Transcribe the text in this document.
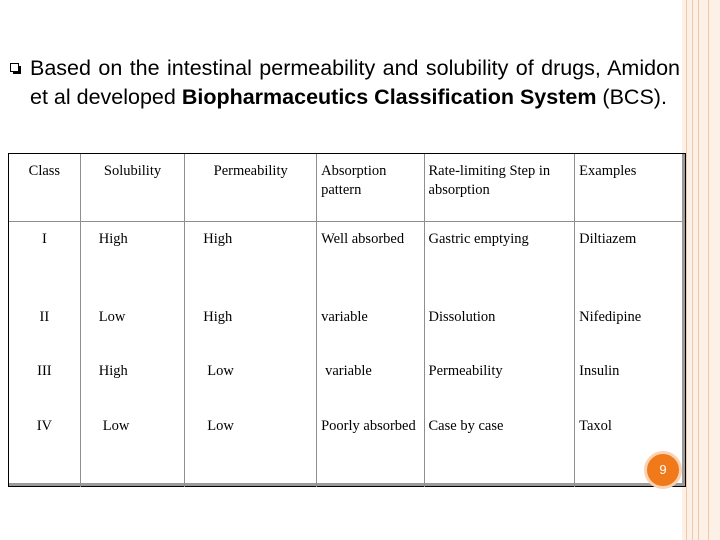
Based on the intestinal permeability and solubility of drugs, Amidon et al developed Biopharmaceutics Classification System (BCS).
Class	Solubility	Permeability	Absorption pattern	Rate-limiting Step in absorption	Examples
I	High	High	Well absorbed	Gastric emptying	Diltiazem
II	Low	High	variable	Dissolution	Nifedipine
III	High	Low	variable	Permeability	Insulin
IV	Low	Low	Poorly absorbed	Case by case	Taxol
9
